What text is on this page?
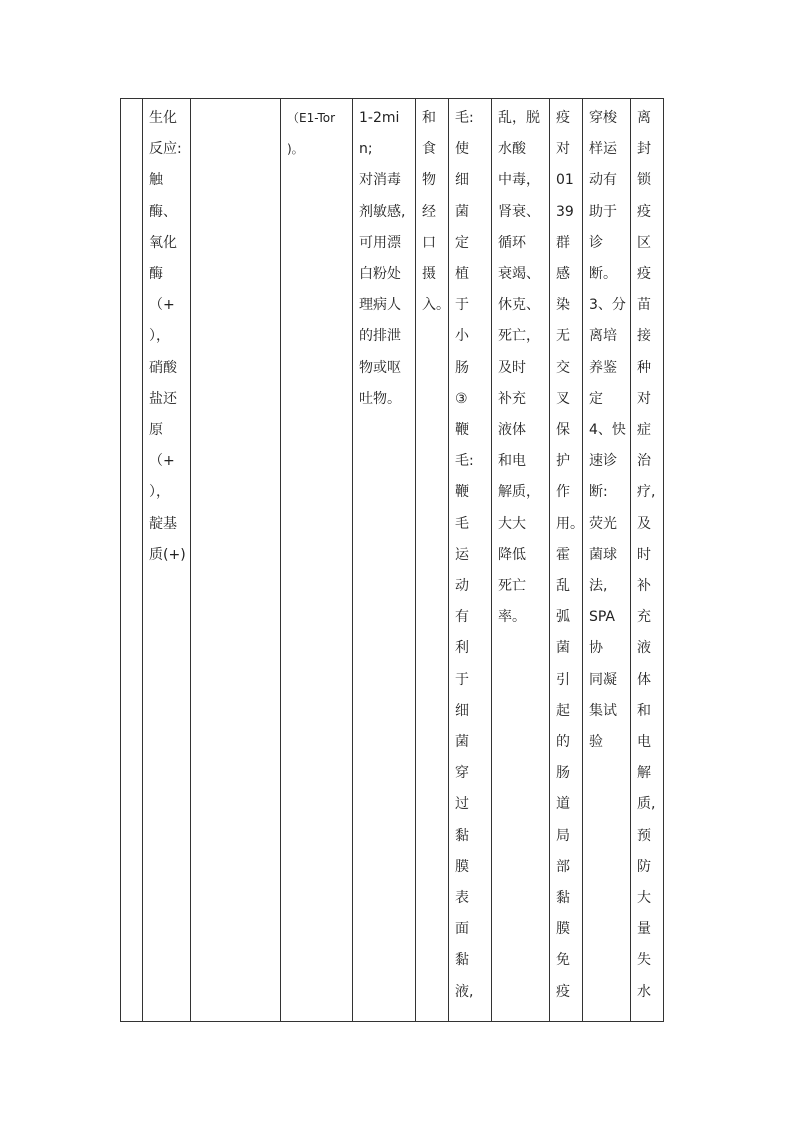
生化
反应:
触酶、
氧化
酶
（+
），
硝酸
盐还
原
（+
），
靛基
质(+)
（E1-Tor
)。
1-2min;
对消毒
剂敏感,
可用漂
白粉处
理病人
的排泄
物或呕
吐物。
和
食
物
经
口
摄
入。
毛:
使
细
菌
定
植
于
小
肠
③
鞭
毛:
鞭
毛
运
动
有
利
于
细
菌
穿
过
黏
膜
表
面
黏
液,
乱，脱
水酸
中毒，
肾衰、
循环
衰竭、
休克、
死亡，
及时
补充
液体
和电
解质，
大大
降低
死亡
率。
疫
对
01
39
群
感
染
无
交
叉
保
护
作
用。
霍
乱
弧
菌
引
起
的
肠
道
局
部
黏
膜
免
疫
穿梭
样运
动有
助于
诊断。
3、分
离培
养鉴
定
4、快
速诊
断:
荧光
菌球
法,
SPA
协
同凝
集试
验
离
封
锁
疫
区
疫
苗
接
种
对
症
治
疗,
及
时
补
充
液
体
和
电
解
质,
预
防
大
量
失
水
